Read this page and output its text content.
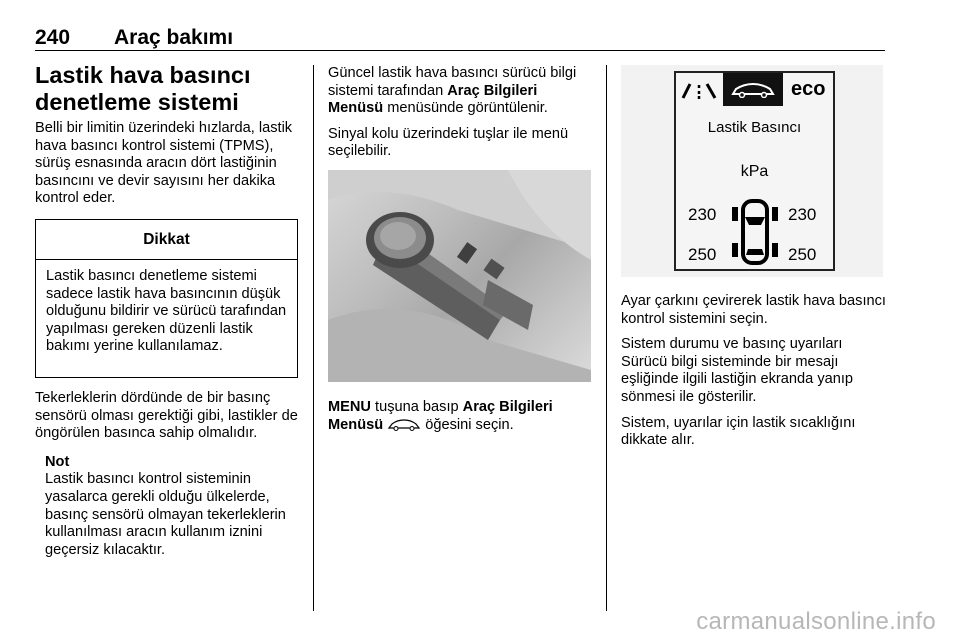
240 Araç bakımı
Lastik hava basıncı
denetleme sistemi

Belli bir limitin üzerindeki hızlarda, lastik hava basıncı kontrol sistemi (TPMS), sürüş esnasında aracın dört lastiğinin basıncını ve devir sayısını her dakika kontrol eder.

Dikkat
Lastik basıncı denetleme sistemi sadece lastik hava basıncının düşük olduğunu bildirir ve sürücü tarafından yapılması gereken düzenli lastik bakımı yerine kullanılamaz.

Tekerleklerin dördünde de bir basınç sensörü olması gerektiği gibi, lastikler de öngörülen basınca sahip olmalıdır.

Not

Lastik basıncı kontrol sisteminin yasalarca gerekli olduğu ülkelerde, basınç sensörü olmayan tekerleklerin kullanılması aracın kullanım iznini geçersiz kılacaktır.

Güncel lastik hava basıncı sürücü bilgi sistemi tarafından Araç Bilgileri Menüsü menüsünde görüntülenir.

Sinyal kolu üzerindeki tuşlar ile menü seçilebilir.

MENU tuşuna basıp Araç Bilgileri Menüsü	öğesini seçin.

eco
Lastik Basıncı
kPa
230	230
250	250

Ayar çarkını çevirerek lastik hava basıncı kontrol sistemini seçin.

Sistem durumu ve basınç uyarıları Sürücü bilgi sisteminde bir mesajı eşliğinde ilgili lastiğin ekranda yanıp sönmesi ile gösterilir.

Sistem, uyarılar için lastik sıcaklığını dikkate alır.

carmanualsonline.info
